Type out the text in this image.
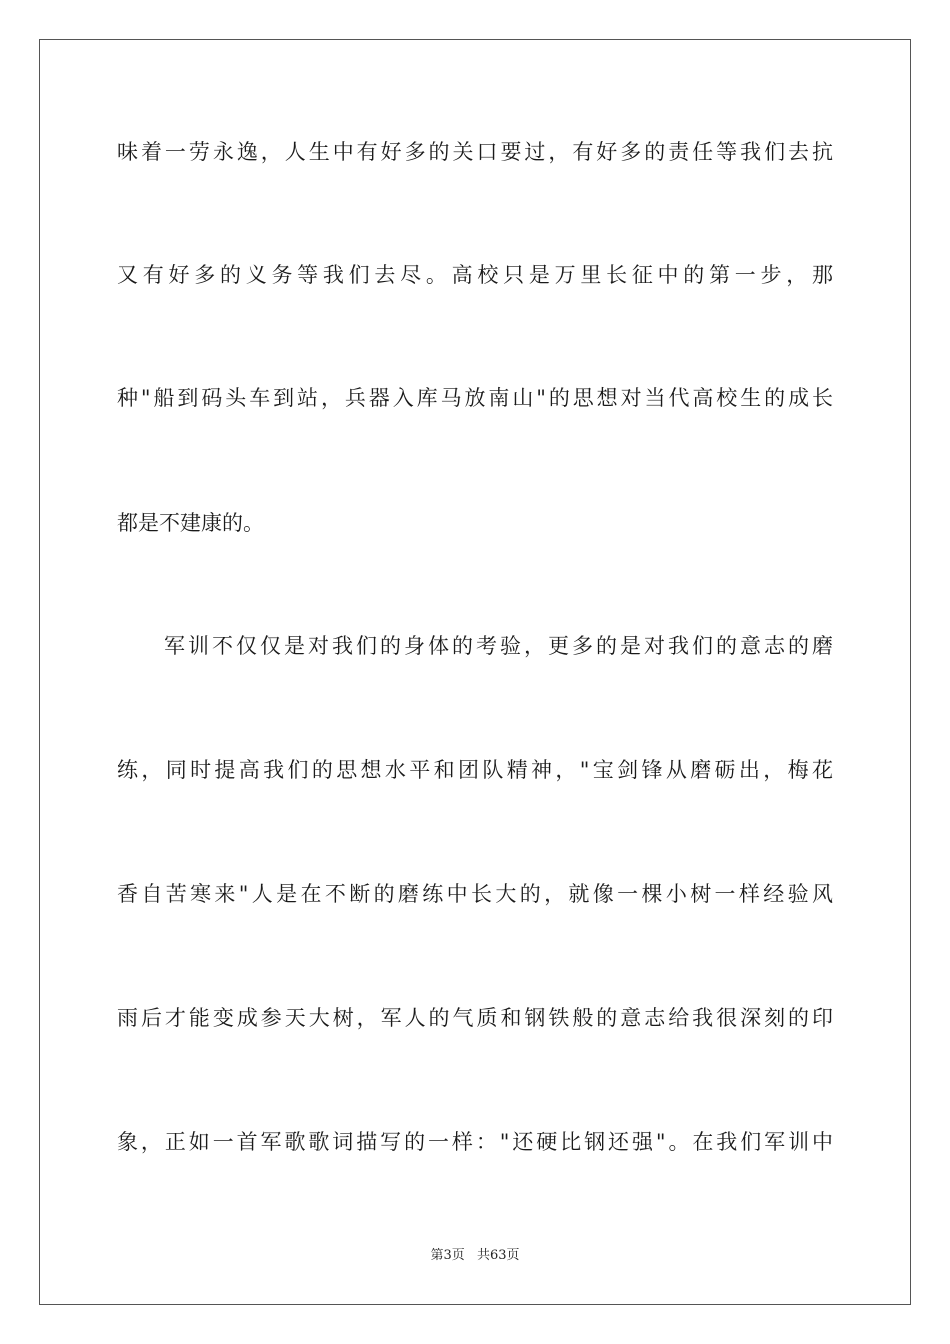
味着一劳永逸，人生中有好多的关口要过，有好多的责任等我们去抗
又有好多的义务等我们去尽。高校只是万里长征中的第一步，那
种"船到码头车到站，兵器入库马放南山"的思想对当代高校生的成长
都是不建康的。
军训不仅仅是对我们的身体的考验，更多的是对我们的意志的磨
练，同时提高我们的思想水平和团队精神，"宝剑锋从磨砺出，梅花
香自苦寒来"人是在不断的磨练中长大的，就像一棵小树一样经验风
雨后才能变成参天大树，军人的气质和钢铁般的意志给我很深刻的印
象，正如一首军歌歌词描写的一样："还硬比钢还强"。在我们军训中
第3页 共63页
